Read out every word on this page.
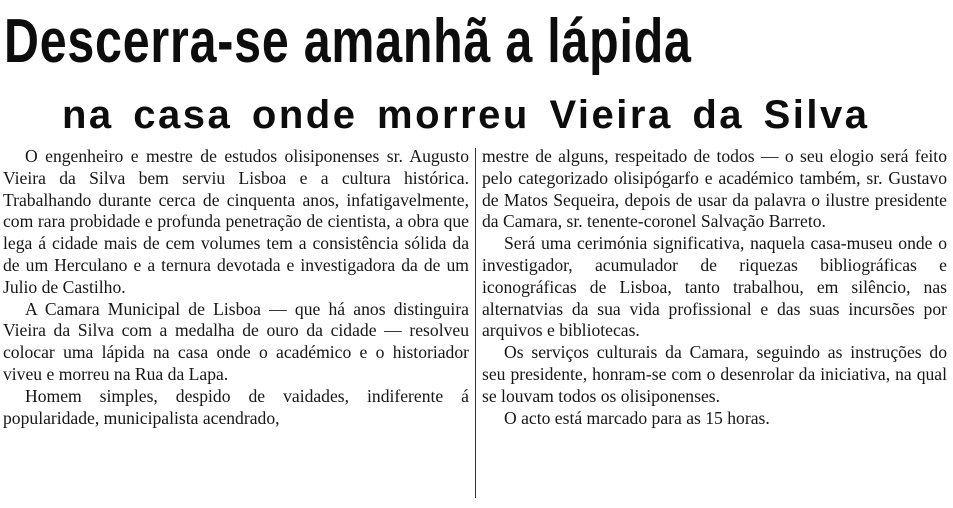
Descerra-se amanhã a lápida
na casa onde morreu Vieira da Silva

O engenheiro e mestre de estudos olisiponenses sr. Augusto Vieira da Silva bem serviu Lisboa e a cultura histórica. Trabalhando durante cerca de cinquenta anos, infatigavelmente, com rara probidade e profunda penetração de cientista, a obra que lega á cidade mais de cem volumes tem a consistência sólida da de um Herculano e a ternura devotada e investigadora da de um Julio de Castilho.

A Camara Municipal de Lisboa — que há anos distinguira Vieira da Silva com a medalha de ouro da cidade — resolveu colocar uma lápida na casa onde o académico e o historiador viveu e morreu na Rua da Lapa.

Homem simples, despido de vaidades, indiferente á popularidade, municipalista acendrado,

mestre de alguns, respeitado de todos — o seu elogio será feito pelo categorizado olisipógarfo e académico também, sr. Gustavo de Matos Sequeira, depois de usar da palavra o ilustre presidente da Camara, sr. tenente-coronel Salvação Barreto.

Será uma cerimónia significativa, naquela casa-museu onde o investigador, acumulador de riquezas bibliográficas e iconográficas de Lisboa, tanto trabalhou, em silêncio, nas alternatvias da sua vida profissional e das suas incursões por arquivos e bibliotecas.

Os serviços culturais da Camara, seguindo as instruções do seu presidente, honram-se com o desenrolar da iniciativa, na qual se louvam todos os olisiponenses.

O acto está marcado para as 15 horas.
